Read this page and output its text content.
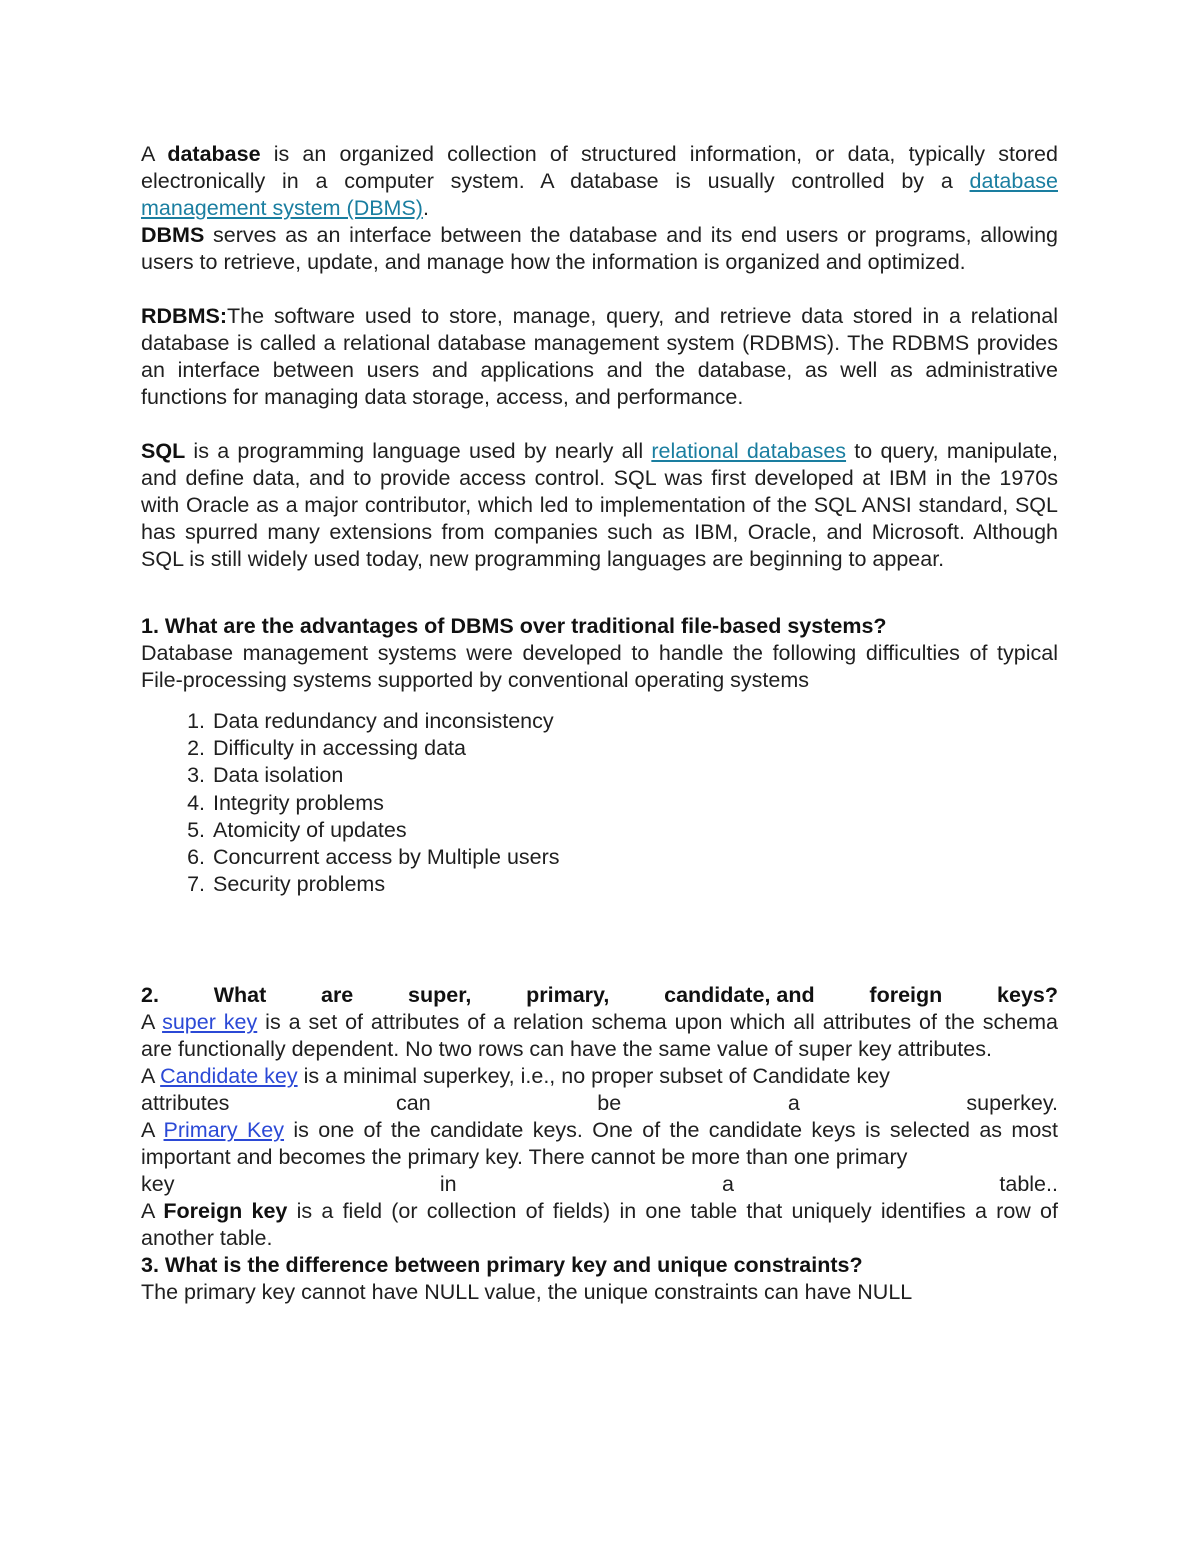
A database is an organized collection of structured information, or data, typically stored electronically in a computer system. A database is usually controlled by a database management system (DBMS).

DBMS serves as an interface between the database and its end users or programs, allowing users to retrieve, update, and manage how the information is organized and optimized.

RDBMS:The software used to store, manage, query, and retrieve data stored in a relational database is called a relational database management system (RDBMS). The RDBMS provides an interface between users and applications and the database, as well as administrative functions for managing data storage, access, and performance.

SQL is a programming language used by nearly all relational databases to query, manipulate, and define data, and to provide access control. SQL was first developed at IBM in the 1970s with Oracle as a major contributor, which led to implementation of the SQL ANSI standard, SQL has spurred many extensions from companies such as IBM, Oracle, and Microsoft. Although SQL is still widely used today, new programming languages are beginning to appear.

1. What are the advantages of DBMS over traditional file-based systems?

Database management systems were developed to handle the following difficulties of typical File-processing systems supported by conventional operating systems

1. Data redundancy and inconsistency
2. Difficulty in accessing data
3. Data isolation
4. Integrity problems
5. Atomicity of updates
6. Concurrent access by Multiple users
7. Security problems
2.	What	are	super,	primary,	candidate, and	foreign	keys?

A super key is a set of attributes of a relation schema upon which all attributes of the schema are functionally dependent. No two rows can have the same value of super key attributes.

A Candidate key is a minimal superkey, i.e., no proper subset of Candidate key

attributes	can	be	a	superkey.

A Primary Key is one of the candidate keys. One of the candidate keys is selected as most important and becomes the primary key. There cannot be more than one primary

key	in	a	table..

A Foreign key is a field (or collection of fields) in one table that uniquely identifies a row of another table.

3. What is the difference between primary key and unique constraints?

The primary key cannot have NULL value, the unique constraints can have NULL
